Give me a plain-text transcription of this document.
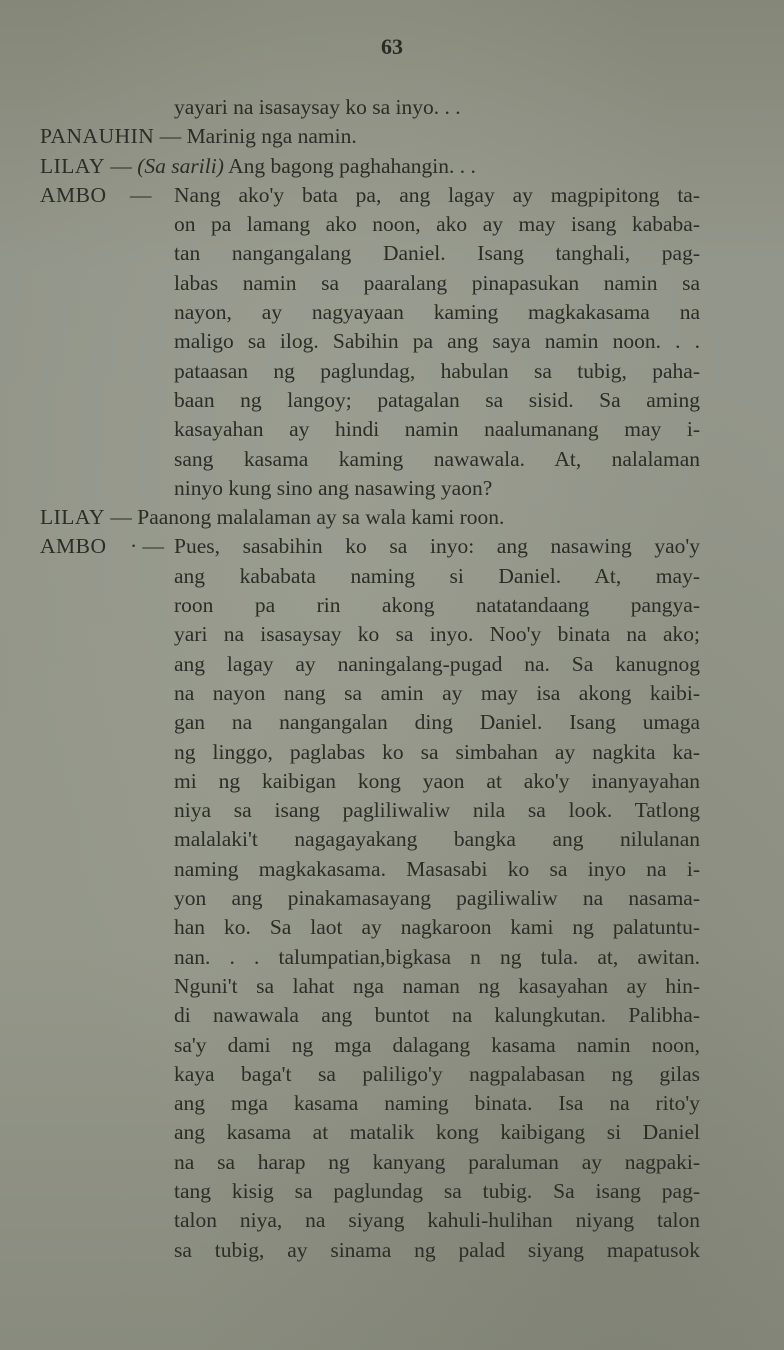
63
yayari na isasaysay ko sa inyo. . .
PANAUHIN — Marinig nga namin.
LILAY — (Sa sarili) Ang bagong paghahangin. . .
AMBO — Nang ako'y bata pa, ang lagay ay magpipitong ta-
on pa lamang ako noon, ako ay may isang kababa-
tan nangangalang Daniel. Isang tanghali, pag-
labas namin sa paaralang pinapasukan namin sa
nayon, ay nagyayaan kaming magkakasama na
maligo sa ilog. Sabihin pa ang saya namin noon. . .
pataasan ng paglundag, habulan sa tubig, paha-
baan ng langoy; patagalan sa sisid. Sa aming
kasayahan ay hindi namin naalumanang may i-
sang kasama kaming nawawala. At, nalalaman
ninyo kung sino ang nasawing yaon?
LILAY — Paanong malalaman ay sa wala kami roon.
AMBO · — Pues, sasabihin ko sa inyo: ang nasawing yao'y
ang kababata naming si Daniel. At, may-
roon pa rin akong natatandaang pangya-
yari na isasaysay ko sa inyo. Noo'y binata na ako;
ang lagay ay naningalang-pugad na. Sa kanugnog
na nayon nang sa amin ay may isa akong kaibi-
gan na nangangalan ding Daniel. Isang umaga
ng linggo, paglabas ko sa simbahan ay nagkita ka-
mi ng kaibigan kong yaon at ako'y inanyayahan
niya sa isang pagliliwaliw nila sa look. Tatlong
malalaki't nagagayakang bangka ang nilulanan
naming magkakasama. Masasabi ko sa inyo na i-
yon ang pinakamasayang pagiliwaliw na nasama-
han ko. Sa laot ay nagkaroon kami ng palatuntu-
nan. . . talumpatian,bigkasa n ng tula. at, awitan.
Nguni't sa lahat nga naman ng kasayahan ay hin-
di nawawala ang buntot na kalungkutan. Palibha-
sa'y dami ng mga dalagang kasama namin noon,
kaya baga't sa paliligo'y nagpalabasan ng gilas
ang mga kasama naming binata. Isa na rito'y
ang kasama at matalik kong kaibigang si Daniel
na sa harap ng kanyang paraluman ay nagpaki-
tang kisig sa paglundag sa tubig. Sa isang pag-
talon niya, na siyang kahuli-hulihan niyang talon
sa tubig, ay sinama ng palad siyang mapatusok
